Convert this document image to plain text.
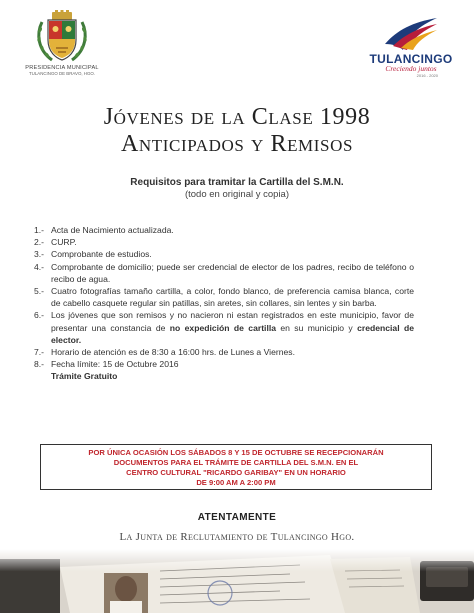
PRESIDENCIA MUNICIPAL
TULANCINGO DE BRAVO, HGO.
TULANCINGO
Creciendo juntos
2016 - 2020
Jóvenes de la Clase 1998
Anticipados y Remisos
Requisitos para tramitar la Cartilla del S.M.N.
(todo en original y copia)
1.- Acta de Nacimiento actualizada.
2.- CURP.
3.- Comprobante de estudios.
4.- Comprobante de domicilio; puede ser credencial de elector de los padres, recibo de teléfono o recibo de agua.
5.- Cuatro fotografías tamaño cartilla, a color, fondo blanco, de preferencia camisa blanca, corte de cabello casquete regular sin patillas, sin aretes, sin collares, sin lentes y sin barba.
6.- Los jóvenes que son remisos y no nacieron ni estan registrados en este municipio, favor de presentar una constancia de no expedición de cartilla en su municipio y credencial de elector.
7.- Horario de atención es de 8:30 a 16:00 hrs. de Lunes a Viernes.
8.- Fecha límite: 15 de Octubre 2016
Trámite Gratuito
POR ÚNICA OCASIÓN LOS SÁBADOS 8 Y 15 DE OCTUBRE SE RECEPCIONARÁN
DOCUMENTOS PARA EL TRÁMITE DE CARTILLA DEL S.M.N. EN EL
CENTRO CULTURAL "RICARDO GARIBAY" EN UN HORARIO
DE 9:00 AM A 2:00 PM
ATENTAMENTE
La Junta de Reclutamiento de Tulancingo Hgo.
